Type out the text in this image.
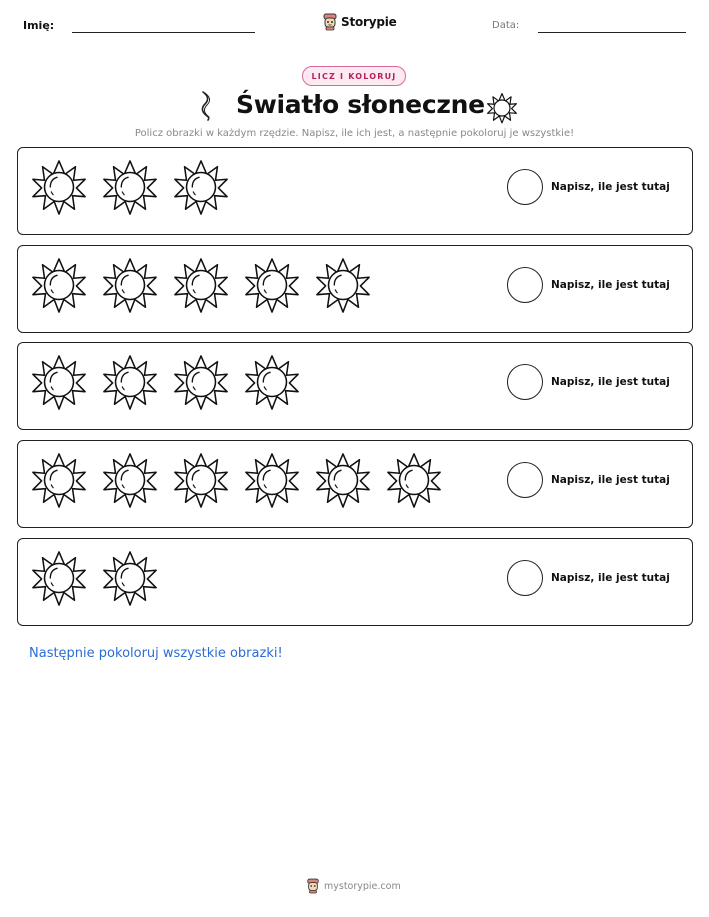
Imię:	Storypie	Data:
LICZ I KOLORUJ
Światło słoneczne
Policz obrazki w każdym rzędzie. Napisz, ile ich jest, a następnie pokoloruj je wszystkie!
Napisz, ile jest tutaj
Napisz, ile jest tutaj
Napisz, ile jest tutaj
Napisz, ile jest tutaj
Napisz, ile jest tutaj
Następnie pokoloruj wszystkie obrazki!
mystorypie.com
